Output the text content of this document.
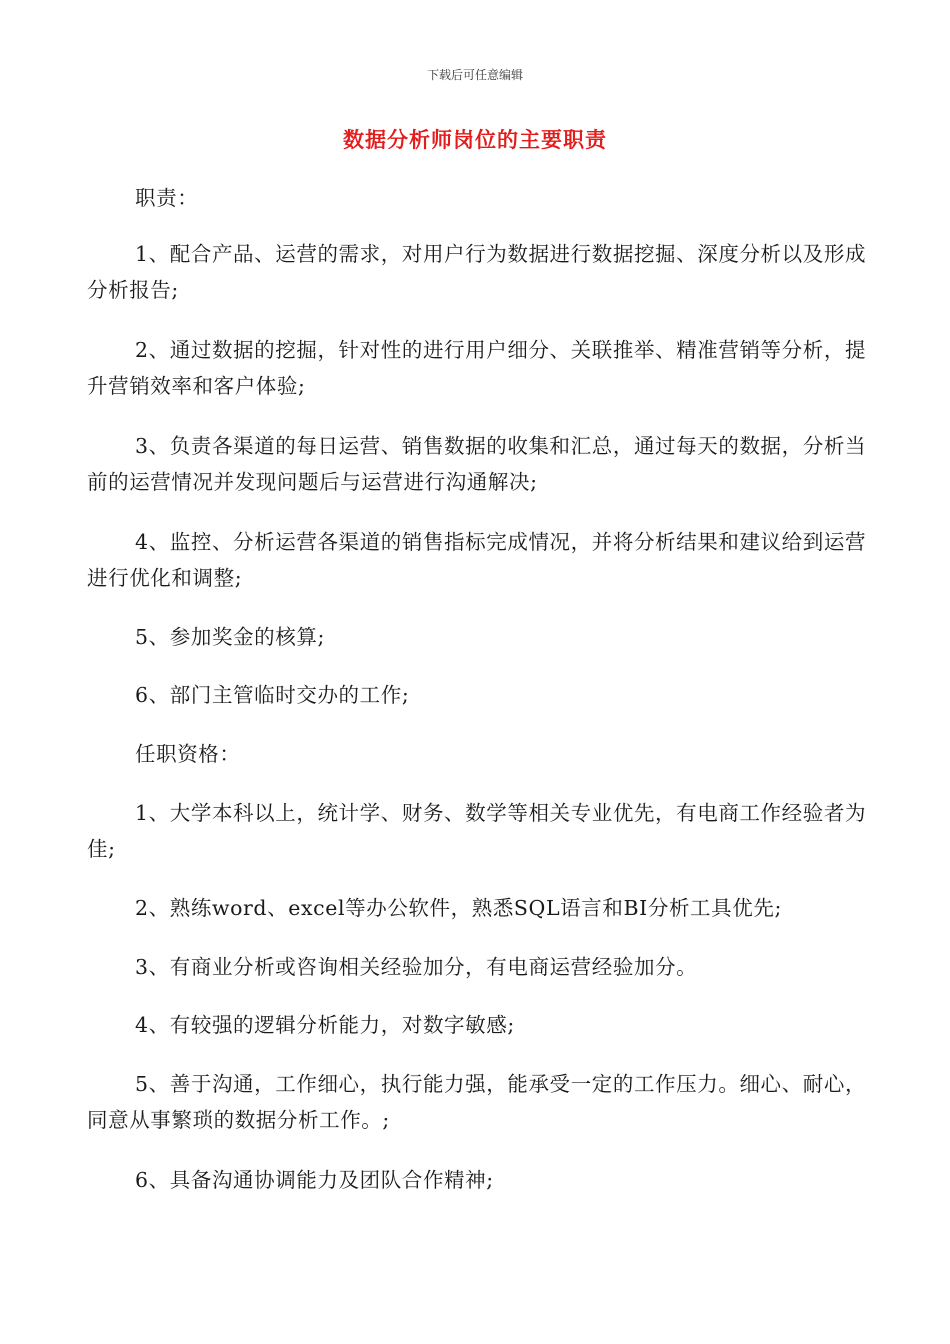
下载后可任意编辑
数据分析师岗位的主要职责

职责：

1、配合产品、运营的需求，对用户行为数据进行数据挖掘、深度分析以及形成分析报告;

2、通过数据的挖掘，针对性的进行用户细分、关联推举、精准营销等分析，提升营销效率和客户体验;

3、负责各渠道的每日运营、销售数据的收集和汇总，通过每天的数据，分析当前的运营情况并发现问题后与运营进行沟通解决;

4、监控、分析运营各渠道的销售指标完成情况，并将分析结果和建议给到运营进行优化和调整;

5、参加奖金的核算;

6、部门主管临时交办的工作;

任职资格：

1、大学本科以上，统计学、财务、数学等相关专业优先，有电商工作经验者为佳;

2、熟练word、excel等办公软件，熟悉SQL语言和BI分析工具优先;

3、有商业分析或咨询相关经验加分，有电商运营经验加分。

4、有较强的逻辑分析能力，对数字敏感;

5、善于沟通，工作细心，执行能力强，能承受一定的工作压力。细心、耐心，同意从事繁琐的数据分析工作。;

6、具备沟通协调能力及团队合作精神;
